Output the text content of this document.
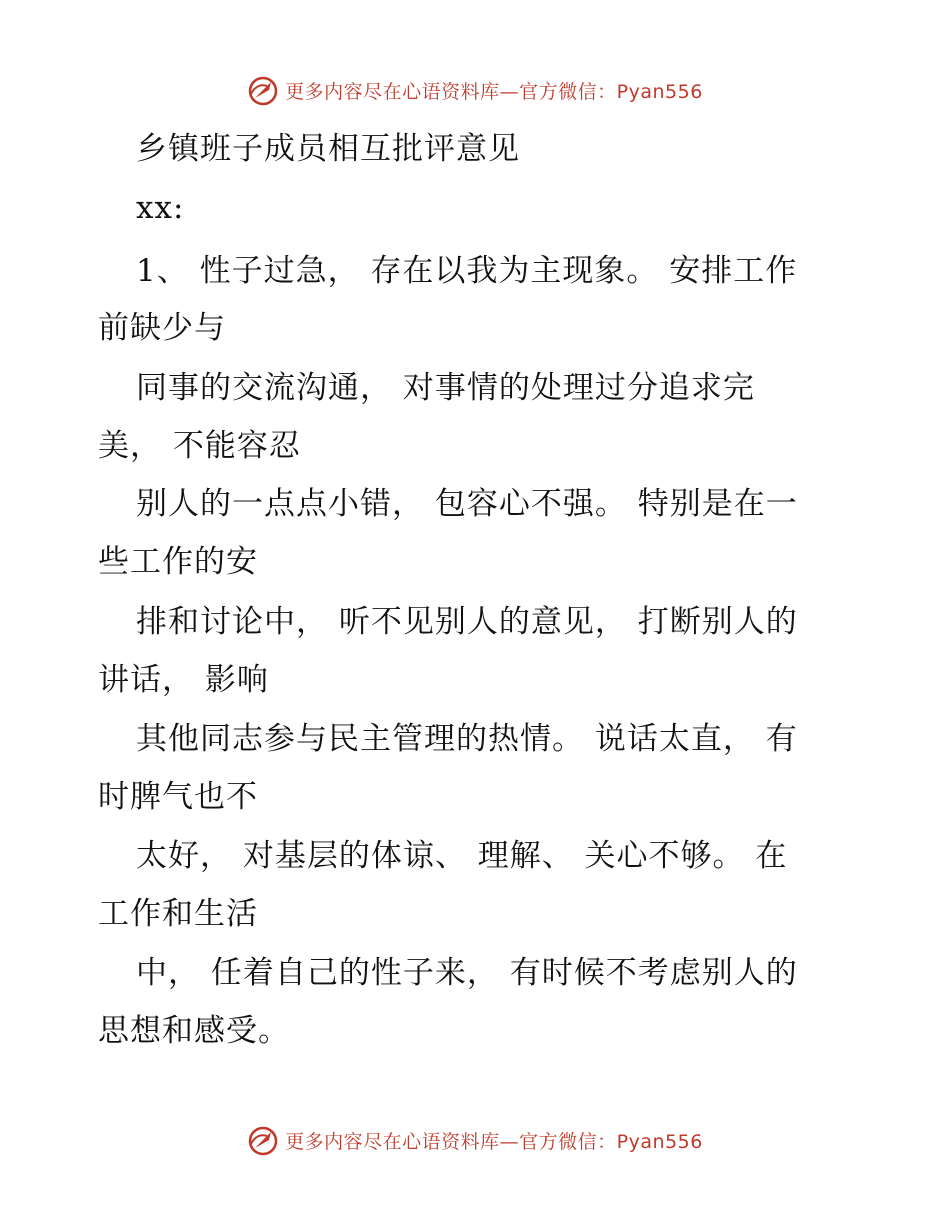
更多内容尽在心语资料库—官方微信：Pyan556
乡镇班子成员相互批评意见
xx:
1、 性子过急， 存在以我为主现象。 安排工作
前缺少与
同事的交流沟通， 对事情的处理过分追求完
美， 不能容忍
别人的一点点小错， 包容心不强。 特别是在一
些工作的安
排和讨论中， 听不见别人的意见， 打断别人的
讲话， 影响
其他同志参与民主管理的热情。 说话太直， 有
时脾气也不
太好， 对基层的体谅、 理解、 关心不够。 在
工作和生活
中， 任着自己的性子来， 有时候不考虑别人的
思想和感受。
更多内容尽在心语资料库—官方微信：Pyan556
